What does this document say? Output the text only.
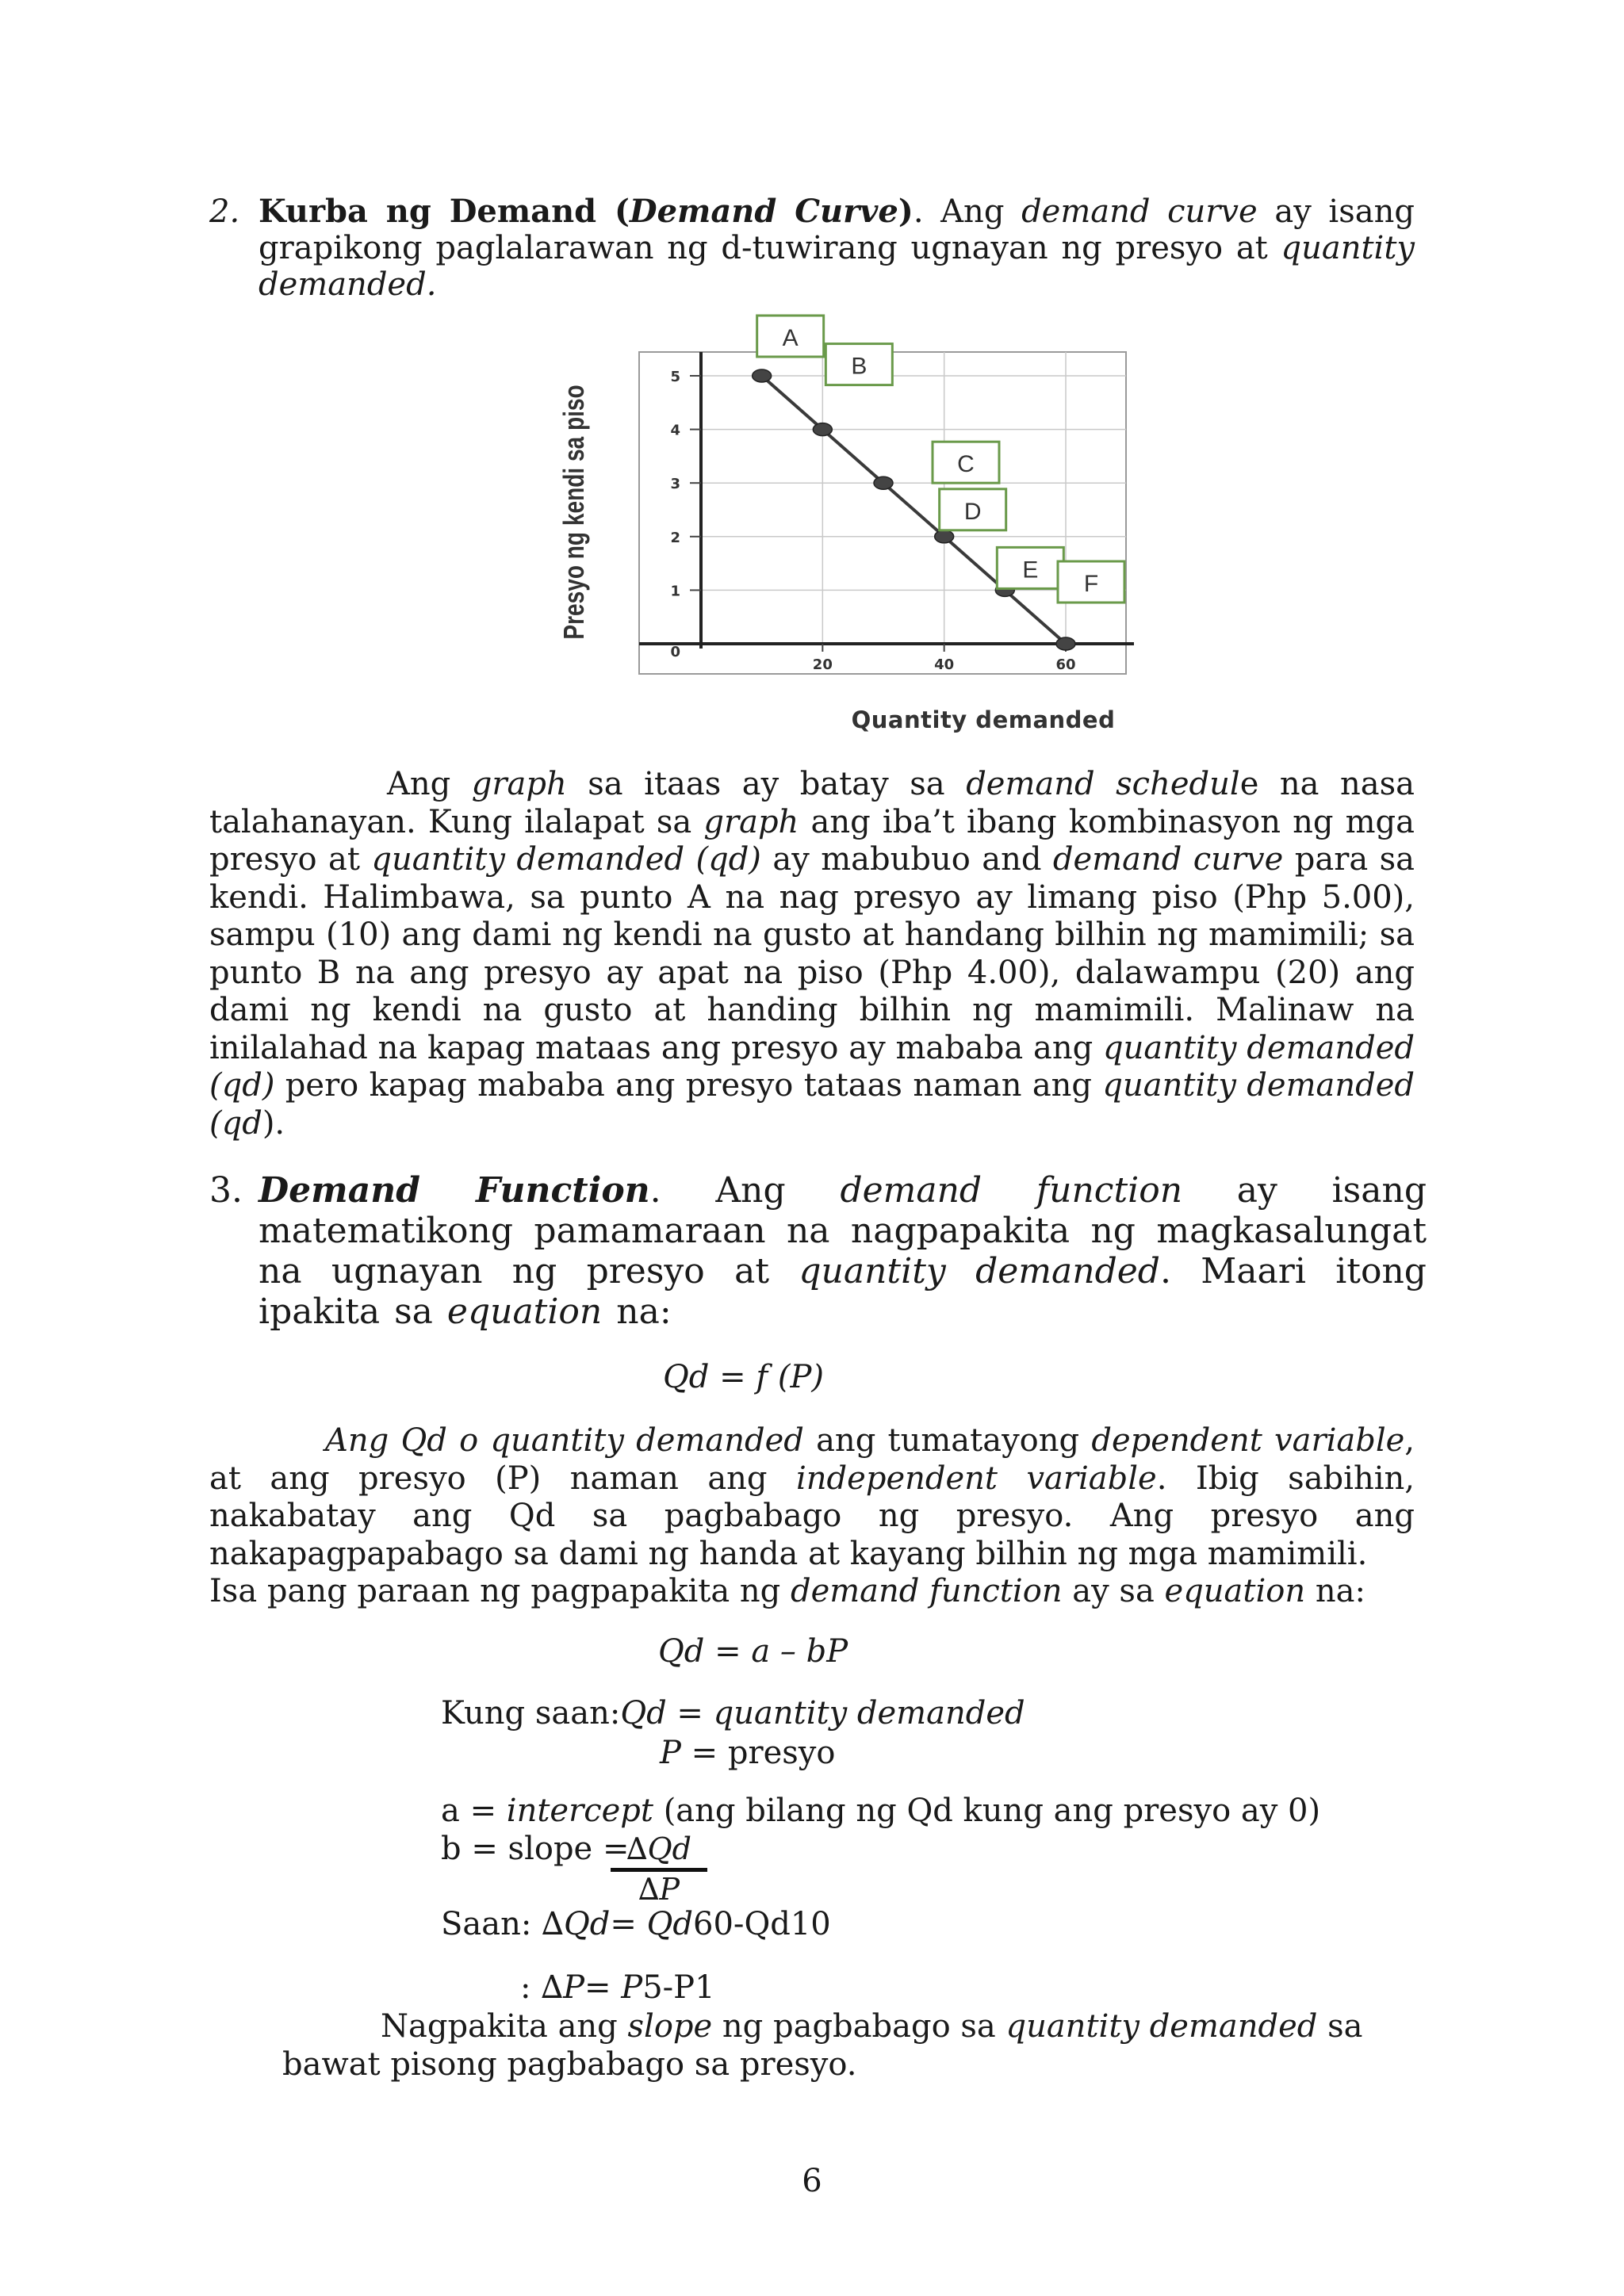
2. Kurba ng Demand (Demand Curve). Ang demand curve ay isang grapikong paglalarawan ng d-tuwirang ugnayan ng presyo at quantity demanded.

1
2
3
4
5
20	40	60
0
A
B
C
D
E
F
Presyo ng kendi sa piso
Quantity demanded

Ang graph sa itaas ay batay sa demand schedule na nasa talahanayan. Kung ilalapat sa graph ang iba’t ibang kombinasyon ng mga presyo at quantity demanded (qd) ay mabubuo and demand curve para sa kendi. Halimbawa, sa punto A na nag presyo ay limang piso (Php 5.00), sampu (10) ang dami ng kendi na gusto at handang bilhin ng mamimili; sa punto B na ang presyo ay apat na piso (Php 4.00), dalawampu (20) ang dami ng kendi na gusto at handing bilhin ng mamimili. Malinaw na inilalahad na kapag mataas ang presyo ay mababa ang quantity demanded (qd) pero kapag mababa ang presyo tataas naman ang quantity demanded (qd).

3. Demand Function. Ang demand function ay isang matematikong pamamaraan na nagpapakita ng magkasalungat na ugnayan ng presyo at quantity demanded. Maari itong ipakita sa equation na:

Qd = f (P)

Ang Qd o quantity demanded ang tumatayong dependent variable, at ang presyo (P) naman ang independent variable. Ibig sabihin, nakabatay ang Qd sa pagbabago ng presyo. Ang presyo ang nakapagpapabago sa dami ng handa at kayang bilhin ng mga mamimili.

Isa pang paraan ng pagpapakita ng demand function ay sa equation na:

Qd = a – bP
Kung saan:Qd = quantity demanded
P = presyo
a = intercept (ang bilang ng Qd kung ang presyo ay 0)
b = slope =
∆Qd
∆P
Saan: ∆Qd= Qd60-Qd10
: ∆P= P5-P1

Nagpakita ang slope ng pagbabago sa quantity demanded sa bawat pisong pagbabago sa presyo.

6
